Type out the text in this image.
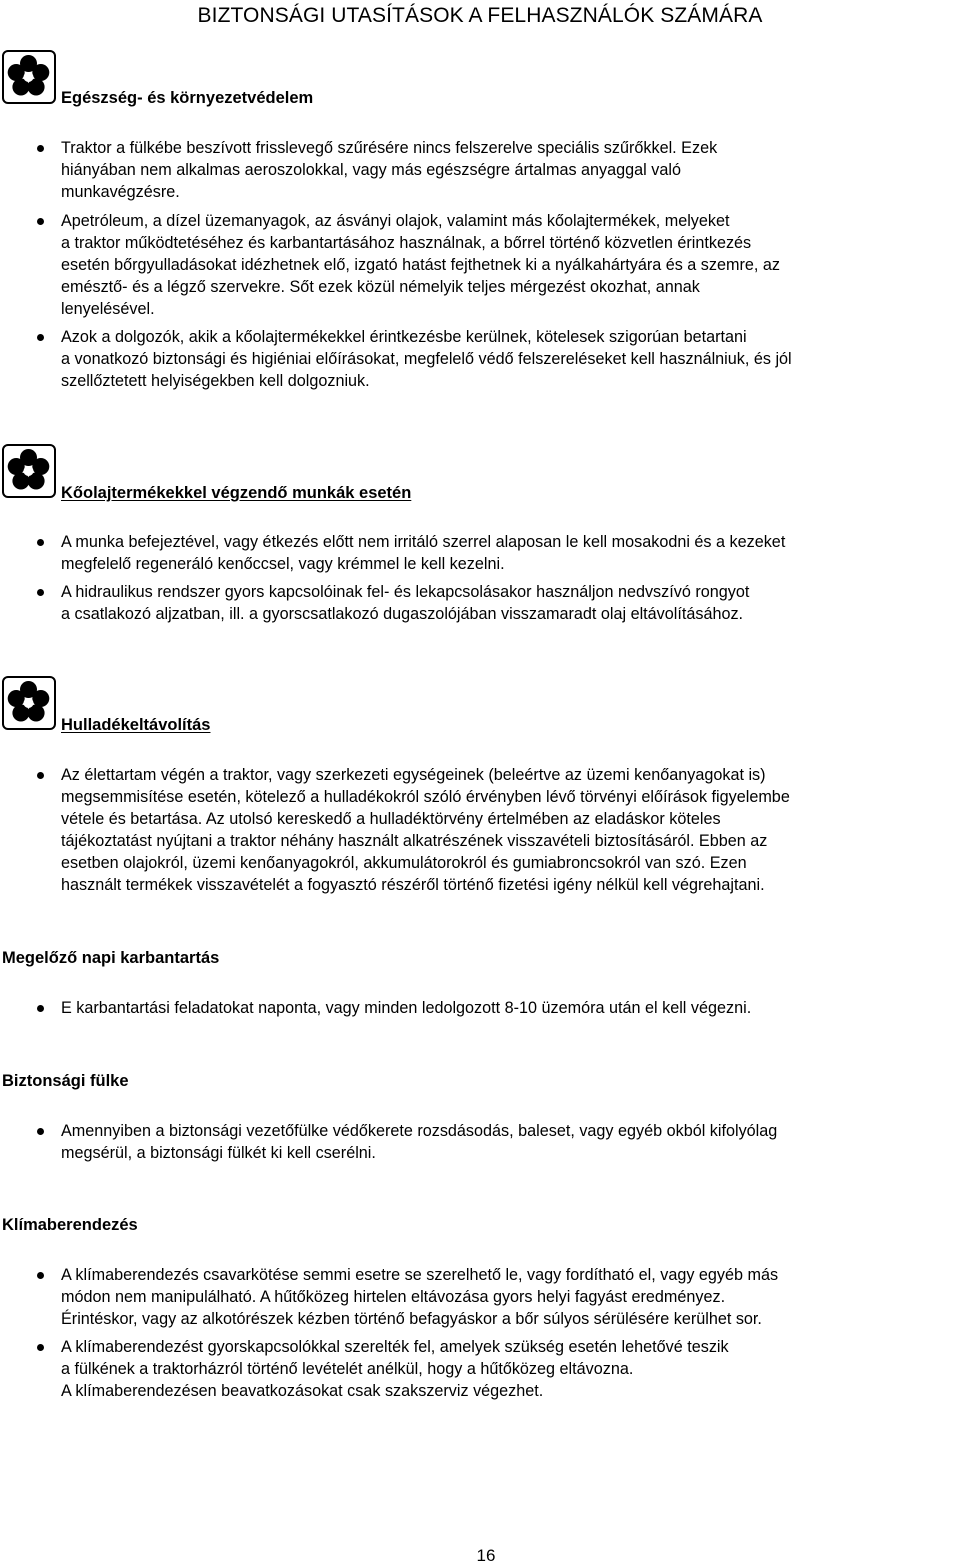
BIZTONSÁGI UTASÍTÁSOK A FELHASZNÁLÓK SZÁMÁRA
Egészség- és környezetvédelem
Traktor a fülkébe beszívott frisslevegő szűrésére nincs felszerelve speciális szűrőkkel. Ezek
hiányában nem alkalmas aeroszolokkal, vagy más egészségre ártalmas anyaggal való
munkavégzésre.
Apetróleum, a dízel üzemanyagok, az ásványi olajok, valamint más kőolajtermékek, melyeket
a traktor működtetéséhez és karbantartásához használnak, a bőrrel történő közvetlen érintkezés
esetén bőrgyulladásokat idézhetnek elő, izgató hatást fejthetnek ki a nyálkahártyára és a szemre, az
emésztő- és a légző szervekre. Sőt ezek közül némelyik teljes mérgezést okozhat, annak
lenyelésével.
Azok a dolgozók, akik a kőolajtermékekkel érintkezésbe kerülnek, kötelesek szigorúan betartani
a vonatkozó biztonsági és higiéniai előírásokat, megfelelő védő felszereléseket kell használniuk, és jól
szellőztetett helyiségekben kell dolgozniuk.
Kőolajtermékekkel végzendő munkák esetén
A munka befejeztével, vagy étkezés előtt nem irritáló szerrel alaposan le kell mosakodni és a kezeket
megfelelő regeneráló kenőccsel, vagy krémmel le kell kezelni.
A hidraulikus rendszer gyors kapcsolóinak fel- és lekapcsolásakor használjon nedvszívó rongyot
a csatlakozó aljzatban, ill. a gyorscsatlakozó dugaszolójában visszamaradt olaj eltávolításához.
Hulladékeltávolítás
Az élettartam végén a traktor, vagy szerkezeti egységeinek (beleértve az üzemi kenőanyagokat is)
megsemmisítése esetén, kötelező a hulladékokról szóló érvényben lévő törvényi előírások figyelembe
vétele és betartása. Az utolsó kereskedő a hulladéktörvény értelmében az eladáskor köteles
tájékoztatást nyújtani a traktor néhány használt alkatrészének visszavételi biztosításáról. Ebben az
esetben olajokról, üzemi kenőanyagokról, akkumulátorokról és gumiabroncsokról van szó. Ezen
használt termékek visszavételét a fogyasztó részéről történő fizetési igény nélkül kell végrehajtani.
Megelőző napi karbantartás
E karbantartási feladatokat naponta, vagy minden ledolgozott 8-10 üzemóra után el kell végezni.
Biztonsági fülke
Amennyiben a biztonsági vezetőfülke védőkerete rozsdásodás, baleset, vagy egyéb okból kifolyólag
megsérül, a biztonsági fülkét ki kell cserélni.
Klímaberendezés
A klímaberendezés csavarkötése semmi esetre se szerelhető le, vagy fordítható el, vagy egyéb más
módon nem manipulálható. A hűtőközeg hirtelen eltávozása gyors helyi fagyást eredményez.
Érintéskor, vagy az alkotórészek kézben történő befagyáskor a bőr súlyos sérülésére kerülhet sor.
A klímaberendezést gyorskapcsolókkal szerelték fel, amelyek szükség esetén lehetővé teszik
a fülkének a traktorházról történő levételét anélkül, hogy a hűtőközeg eltávozna.
A klímaberendezésen beavatkozásokat csak szakszerviz végezhet.
16
